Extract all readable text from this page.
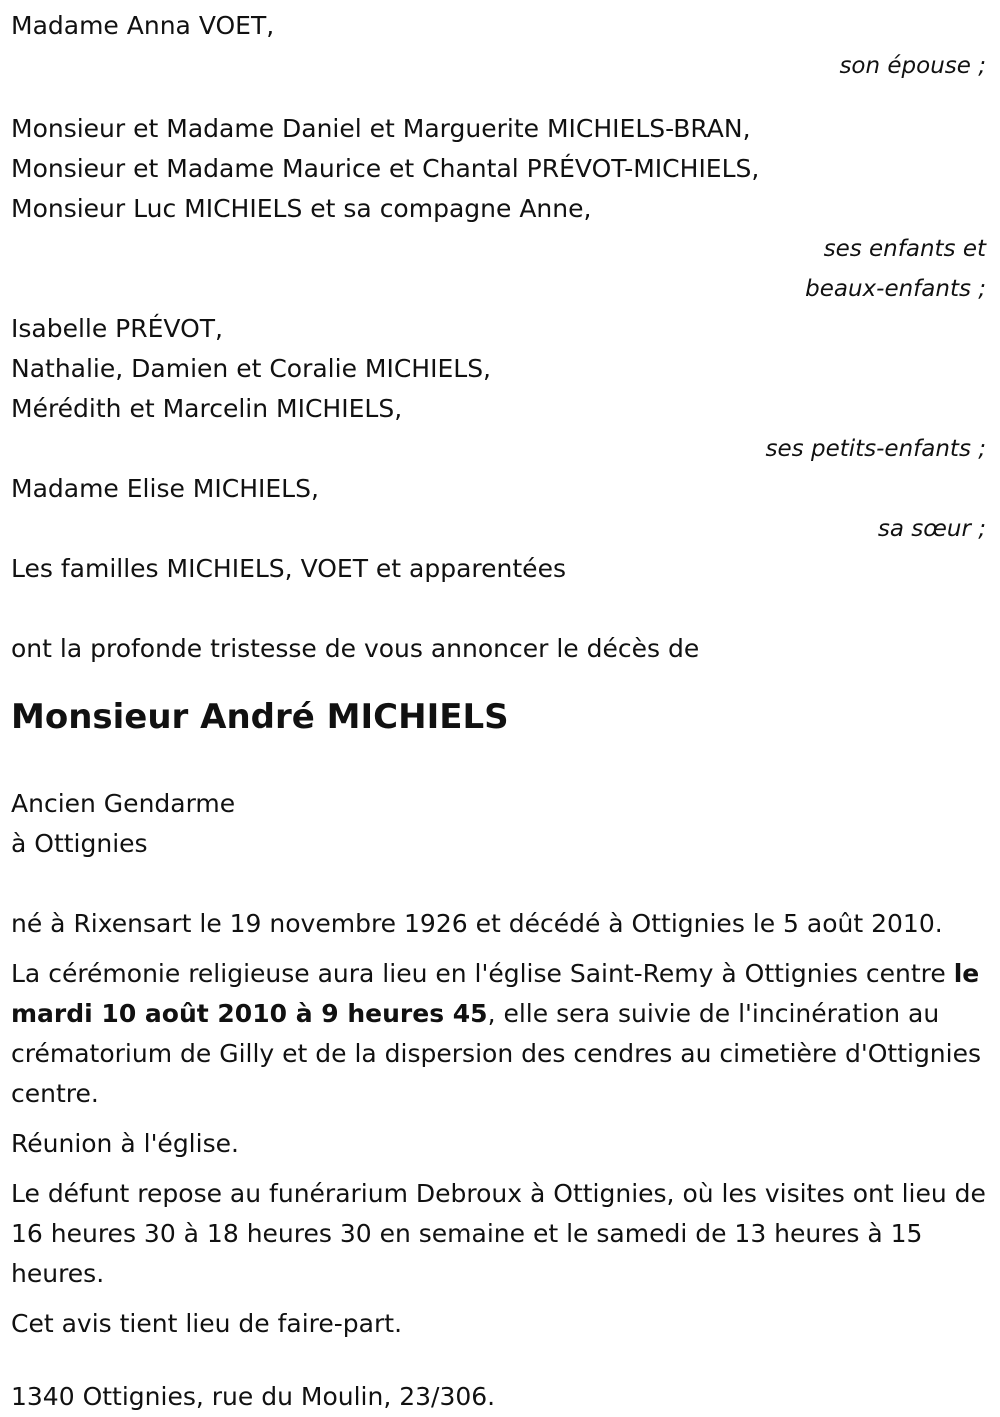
Madame Anna VOET,
son épouse ;
Monsieur et Madame Daniel et Marguerite MICHIELS-BRAN,
Monsieur et Madame Maurice et Chantal PRÉVOT-MICHIELS,
Monsieur Luc MICHIELS et sa compagne Anne,
ses enfants et
beaux-enfants ;
Isabelle PRÉVOT,
Nathalie, Damien et Coralie MICHIELS,
Mérédith et Marcelin MICHIELS,
ses petits-enfants ;
Madame Elise MICHIELS,
sa sœur ;
Les familles MICHIELS, VOET et apparentées
ont la profonde tristesse de vous annoncer le décès de
Monsieur André MICHIELS
Ancien Gendarme
à Ottignies

né à Rixensart le 19 novembre 1926 et décédé à Ottignies le 5 août 2010.

La cérémonie religieuse aura lieu en l'église Saint-Remy à Ottignies centre le mardi 10 août 2010 à 9 heures 45, elle sera suivie de l'incinération au crématorium de Gilly et de la dispersion des cendres au cimetière d'Ottignies centre.

Réunion à l'église.

Le défunt repose au funérarium Debroux à Ottignies, où les visites ont lieu de 16 heures 30 à 18 heures 30 en semaine et le samedi de 13 heures à 15 heures.

Cet avis tient lieu de faire-part.

1340 Ottignies, rue du Moulin, 23/306.
